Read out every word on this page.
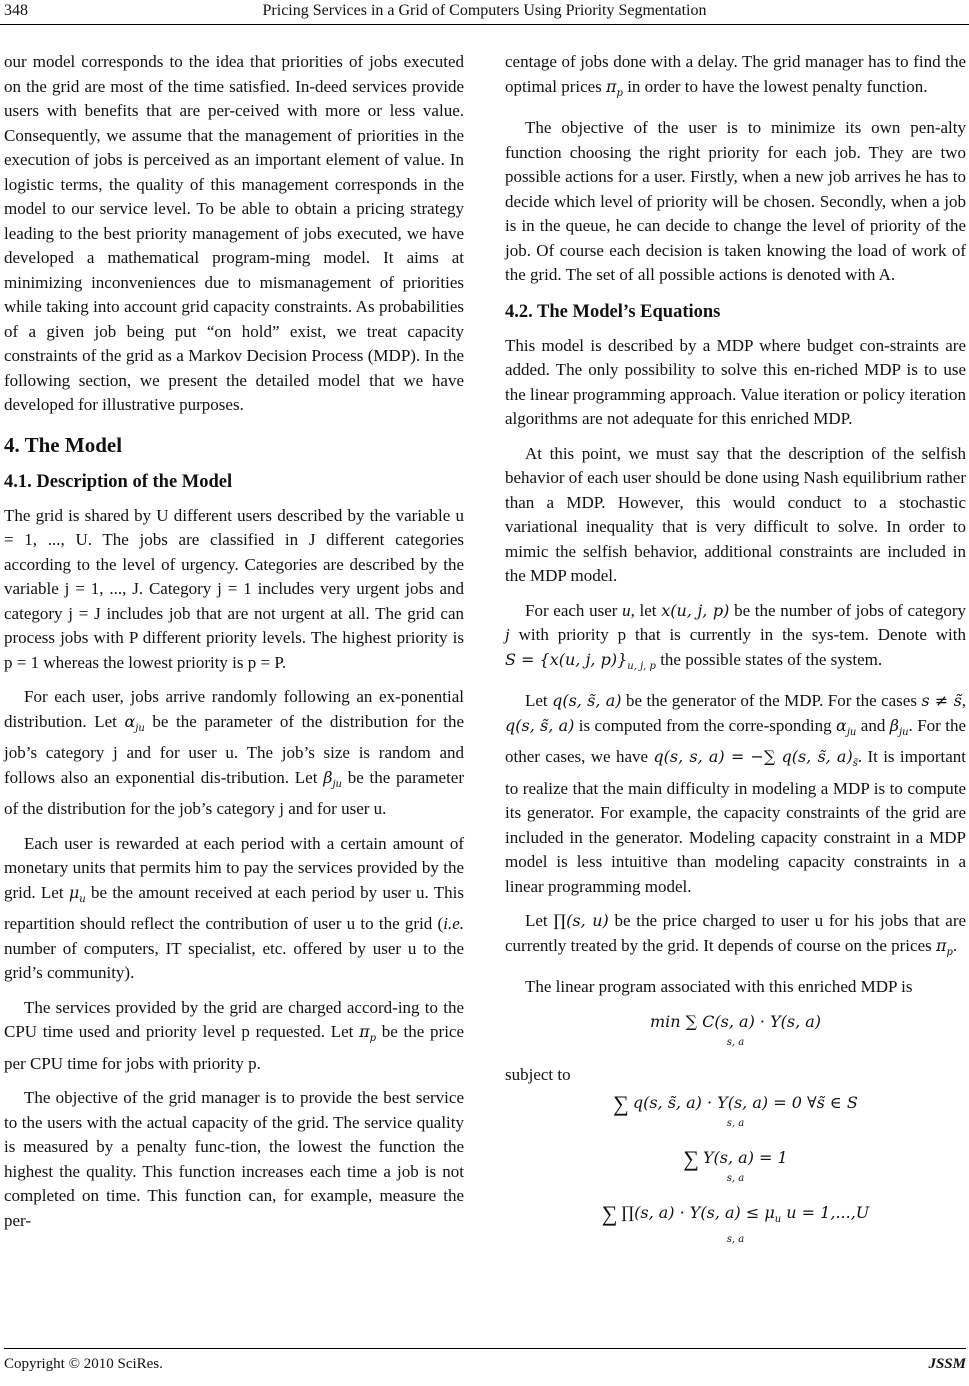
348	Pricing Services in a Grid of Computers Using Priority Segmentation

our model corresponds to the idea that priorities of jobs executed on the grid are most of the time satisfied. In-deed services provide users with benefits that are per-ceived with more or less value. Consequently, we assume that the management of priorities in the execution of jobs is perceived as an important element of value. In logistic terms, the quality of this management corresponds in the model to our service level. To be able to obtain a pricing strategy leading to the best priority management of jobs executed, we have developed a mathematical program-ming model. It aims at minimizing inconveniences due to mismanagement of priorities while taking into account grid capacity constraints. As probabilities of a given job being put “on hold” exist, we treat capacity constraints of the grid as a Markov Decision Process (MDP). In the following section, we present the detailed model that we have developed for illustrative purposes.

4. The Model
4.1. Description of the Model

The grid is shared by U different users described by the variable u = 1, ..., U. The jobs are classified in J different categories according to the level of urgency. Categories are described by the variable j = 1, ..., J. Category j = 1 includes very urgent jobs and category j = J includes job that are not urgent at all. The grid can process jobs with P different priority levels. The highest priority is p = 1 whereas the lowest priority is p = P.

For each user, jobs arrive randomly following an ex-ponential distribution. Let $\alpha_{ju}$ be the parameter of the distribution for the job’s category j and for user u. The job’s size is random and follows also an exponential dis-tribution. Let $\beta_{ju}$ be the parameter of the distribution for the job’s category j and for user u.

Each user is rewarded at each period with a certain amount of monetary units that permits him to pay the services provided by the grid. Let $\mu_u$ be the amount received at each period by user u. This repartition should reflect the contribution of user u to the grid (i.e. number of computers, IT specialist, etc. offered by user u to the grid’s community).

The services provided by the grid are charged accord-ing to the CPU time used and priority level p requested. Let $\pi_p$ be the price per CPU time for jobs with priority p.

The objective of the grid manager is to provide the best service to the users with the actual capacity of the grid. The service quality is measured by a penalty func-tion, the lowest the function the highest the quality. This function increases each time a job is not completed on time. This function can, for example, measure the per-

centage of jobs done with a delay. The grid manager has to find the optimal prices $\pi_p$ in order to have the lowest penalty function.

The objective of the user is to minimize its own pen-alty function choosing the right priority for each job. They are two possible actions for a user. Firstly, when a new job arrives he has to decide which level of priority will be chosen. Secondly, when a job is in the queue, he can decide to change the level of priority of the job. Of course each decision is taken knowing the load of work of the grid. The set of all possible actions is denoted with A.

4.2. The Model’s Equations

This model is described by a MDP where budget con-straints are added. The only possibility to solve this en-riched MDP is to use the linear programming approach. Value iteration or policy iteration algorithms are not adequate for this enriched MDP.

At this point, we must say that the description of the selfish behavior of each user should be done using Nash equilibrium rather than a MDP. However, this would conduct to a stochastic variational inequality that is very difficult to solve. In order to mimic the selfish behavior, additional constraints are included in the MDP model.

For each user u, let x(u, j, p) be the number of jobs of category j with priority p that is currently in the sys-tem. Denote with S = {x(u, j, $p)\}_{u, j, p}$ the possible states of the system.

Let q(s, s̃, a) be the generator of the MDP. For the cases s ≠ s̃, q(s, s̃, a) is computed from the corre-sponding $\alpha_{ju}$ and $\beta_{ju}$. For the other cases, we have q(s, s, a) = −∑ q(s, s̃, $a)_{s̃}$. It is important to realize that the main difficulty in modeling a MDP is to compute its generator. For example, the capacity constraints of the grid are included in the generator. Modeling capacity constraint in a MDP model is less intuitive than modeling capacity constraints in a linear programming model.

Let ∏(s, u) be the price charged to user u for his jobs that are currently treated by the grid. It depends of course on the prices $\pi_p$.

The linear program associated with this enriched MDP is

min ∑ C(s, a) · Y(s, a)
s, a
subject to
∑ q(s, s̃, a) · Y(s, a) = 0 ∀s̃ ∈ S
s, a
∑ Y(s, a) = 1
s, a
∑ ∏(s, a) · Y(s, $a) \le \mu_u$ u = 1,...,U
s, a
Copyright © 2010 SciRes.	JSSM
